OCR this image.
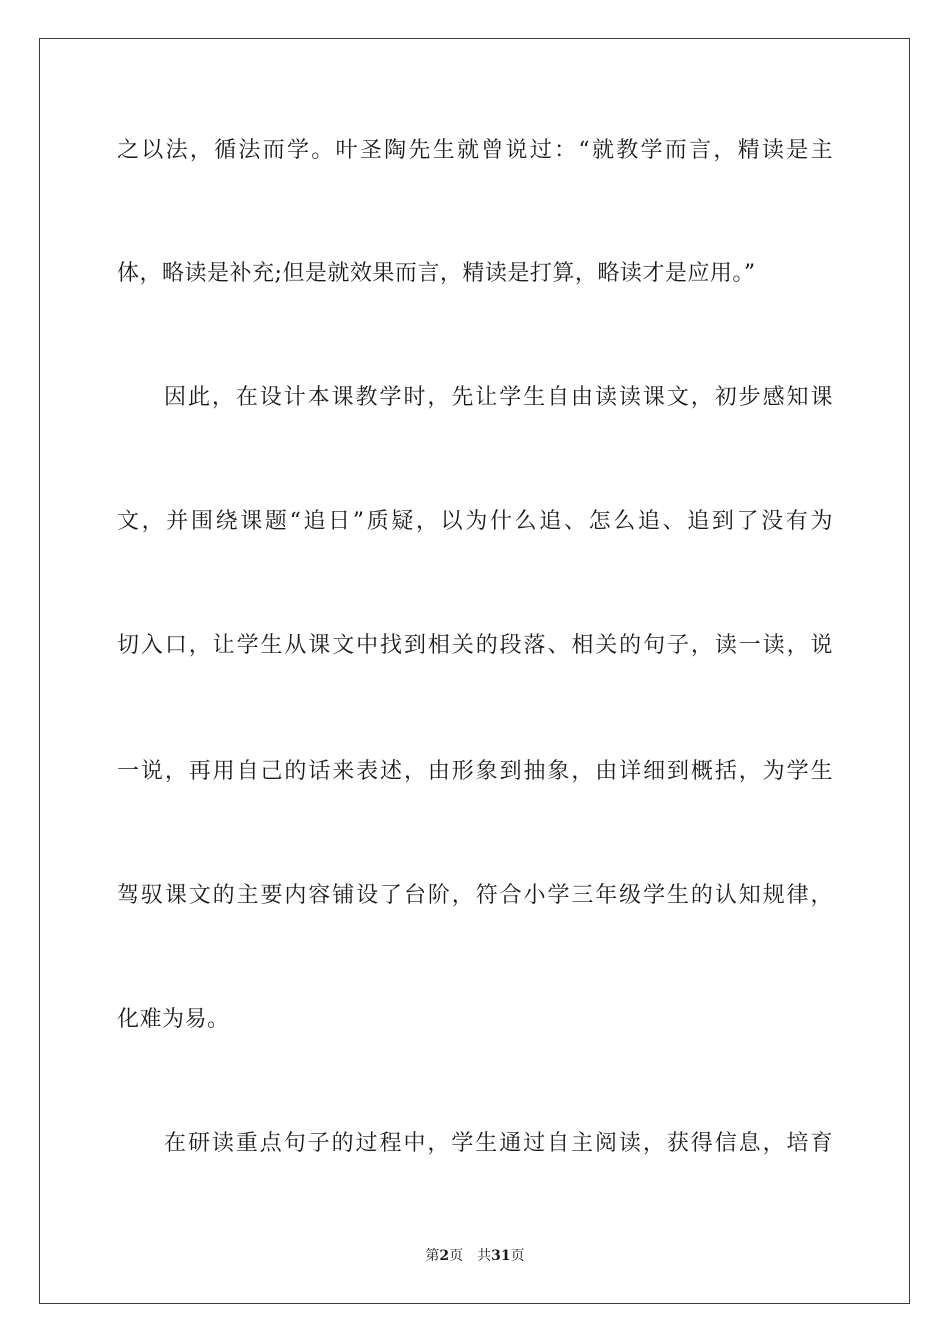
之以法，循法而学。叶圣陶先生就曾说过：“就教学而言，精读是主
体，略读是补充;但是就效果而言，精读是打算，略读才是应用。”
因此，在设计本课教学时，先让学生自由读读课文，初步感知课
文，并围绕课题“追日”质疑，以为什么追、怎么追、追到了没有为
切入口，让学生从课文中找到相关的段落、相关的句子，读一读，说
一说，再用自己的话来表述，由形象到抽象，由详细到概括，为学生
驾驭课文的主要内容铺设了台阶，符合小学三年级学生的认知规律，
化难为易。
在研读重点句子的过程中，学生通过自主阅读，获得信息，培育
第2页 共31页
